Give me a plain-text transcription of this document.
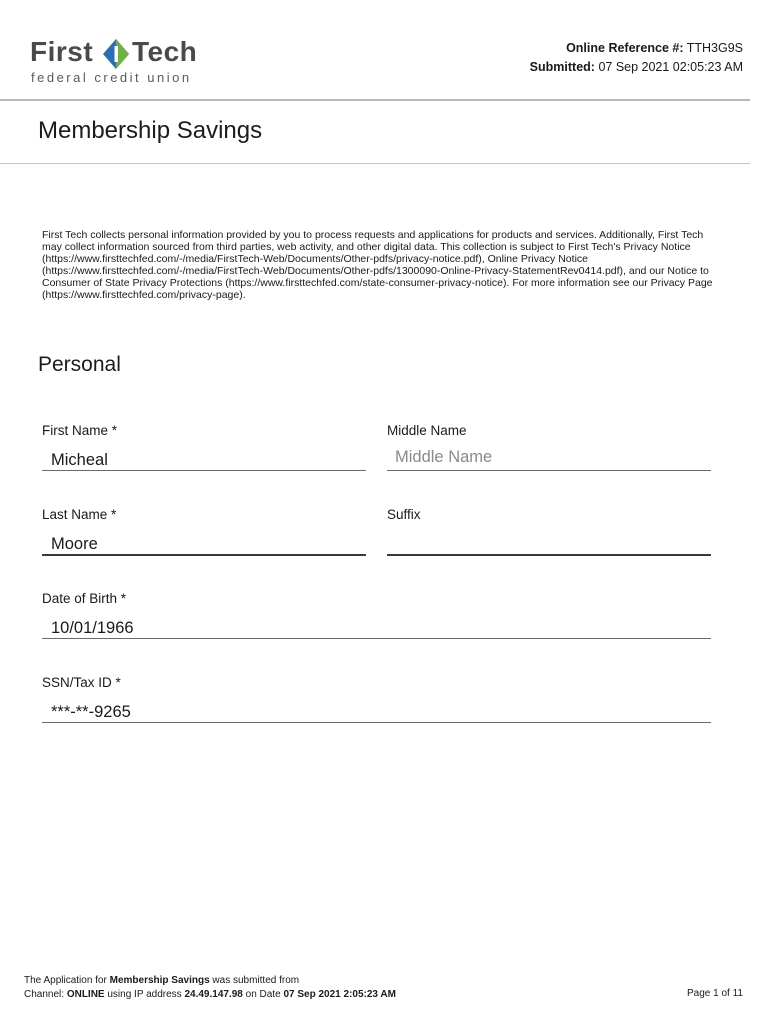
First Tech
federal credit union
Online Reference #: TTH3G9S
Submitted: 07 Sep 2021 02:05:23 AM
Membership Savings
First Tech collects personal information provided by you to process requests and applications for products and services. Additionally, First Tech may collect information sourced from third parties, web activity, and other digital data. This collection is subject to First Tech's Privacy Notice (https://www.firsttechfed.com/-/media/FirstTech-Web/Documents/Other-pdfs/privacy-notice.pdf), Online Privacy Notice (https://www.firsttechfed.com/-/media/FirstTech-Web/Documents/Other-pdfs/1300090-Online-Privacy-StatementRev0414.pdf), and our Notice to Consumer of State Privacy Protections (https://www.firsttechfed.com/state-consumer-privacy-notice). For more information see our Privacy Page (https://www.firsttechfed.com/privacy-page).
Personal
First Name *
Micheal
Middle Name
Middle Name
Last Name *
Moore
Suffix
Date of Birth *
10/01/1966
SSN/Tax ID *
***-**-9265
The Application for Membership Savings was submitted from
Channel: ONLINE using IP address 24.49.147.98 on Date 07 Sep 2021 2:05:23 AM	Page 1 of 11
